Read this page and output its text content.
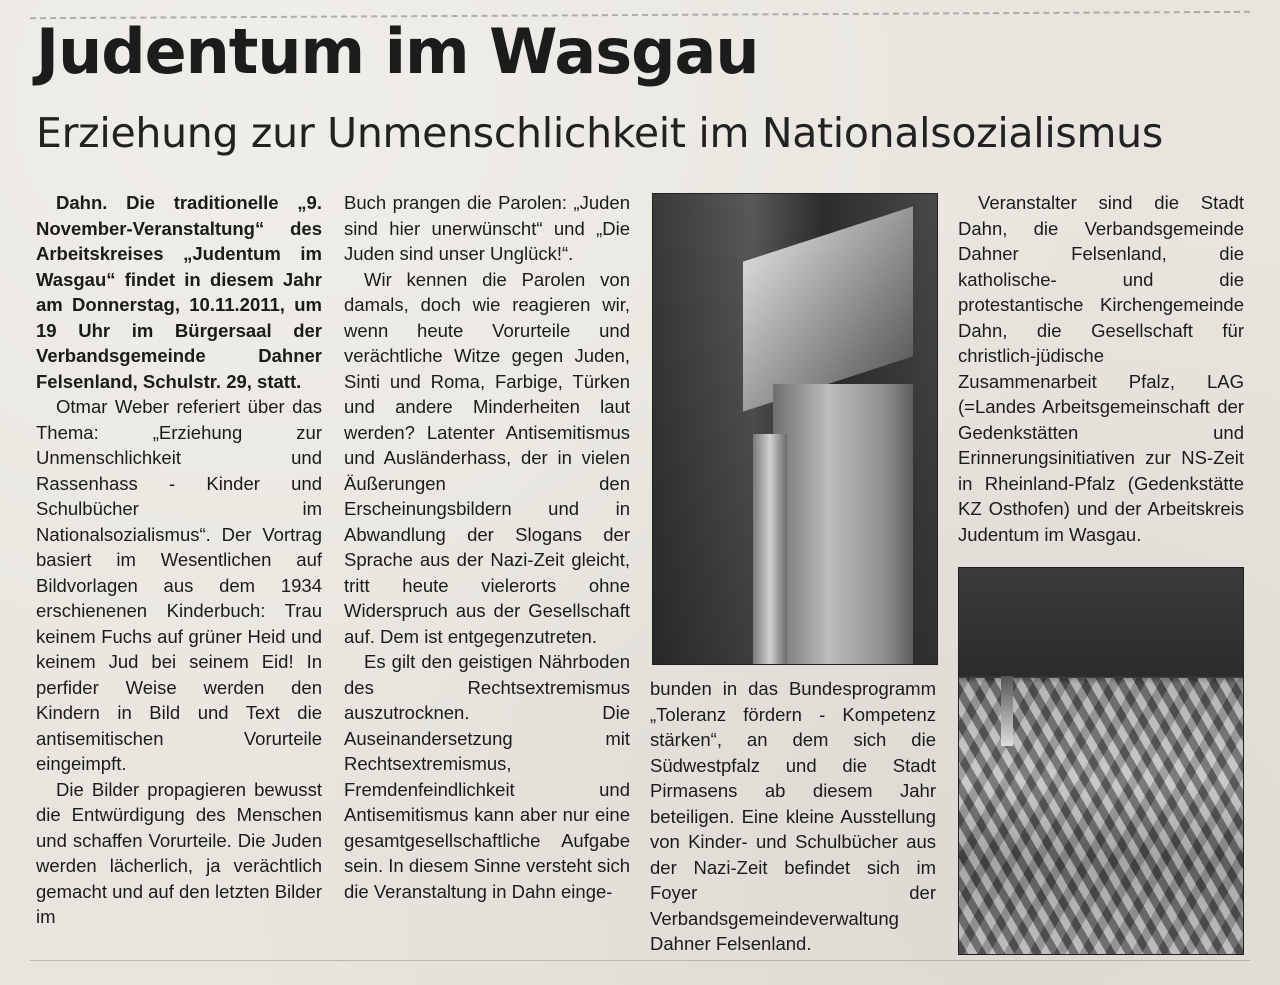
Judentum im Wasgau
Erziehung zur Unmenschlichkeit im Nationalsozialismus

Dahn. Die traditionelle „9. November-Veranstaltung“ des Arbeitskreises „Judentum im Wasgau“ findet in diesem Jahr am Donnerstag, 10.11.2011, um 19 Uhr im Bürgersaal der Verbandsgemeinde Dahner Felsenland, Schulstr. 29, statt.

Otmar Weber referiert über das Thema: „Erziehung zur Unmenschlichkeit und Rassenhass - Kinder und Schulbücher im Nationalsozialismus“. Der Vortrag basiert im Wesentlichen auf Bildvorlagen aus dem 1934 erschienenen Kinderbuch: Trau keinem Fuchs auf grüner Heid und keinem Jud bei seinem Eid! In perfider Weise werden den Kindern in Bild und Text die antisemitischen Vorurteile eingeimpft.

Die Bilder propagieren bewusst die Entwürdigung des Menschen und schaffen Vorurteile. Die Juden werden lächerlich, ja verächtlich gemacht und auf den letzten Bilder im

Buch prangen die Parolen: „Juden sind hier unerwünscht“ und „Die Juden sind unser Unglück!“.

Wir kennen die Parolen von damals, doch wie reagieren wir, wenn heute Vorurteile und verächtliche Witze gegen Juden, Sinti und Roma, Farbige, Türken und andere Minderheiten laut werden? Latenter Antisemitismus und Ausländerhass, der in vielen Äußerungen den Erscheinungsbildern und in Abwandlung der Slogans der Sprache aus der Nazi-Zeit gleicht, tritt heute vielerorts ohne Widerspruch aus der Gesellschaft auf. Dem ist entgegenzutreten.

Es gilt den geistigen Nährboden des Rechtsextremismus auszutrocknen. Die Auseinandersetzung mit Rechtsextremismus, Fremdenfeindlichkeit und Antisemitismus kann aber nur eine gesamtgesellschaftliche Aufgabe sein. In diesem Sinne versteht sich die Veranstaltung in Dahn einge-

bunden in das Bundesprogramm „Toleranz fördern - Kompetenz stärken“, an dem sich die Südwestpfalz und die Stadt Pirmasens ab diesem Jahr beteiligen. Eine kleine Ausstellung von Kinder- und Schulbücher aus der Nazi-Zeit befindet sich im Foyer der Verbandsgemeindeverwaltung Dahner Felsenland.

Veranstalter sind die Stadt Dahn, die Verbandsgemeinde Dahner Felsenland, die katholische- und die protestantische Kirchengemeinde Dahn, die Gesellschaft für christlich-jüdische Zusammenarbeit Pfalz, LAG (=Landes Arbeitsgemeinschaft der Gedenkstätten und Erinnerungsinitiativen zur NS-Zeit in Rheinland-Pfalz (Gedenkstätte KZ Osthofen) und der Arbeitskreis Judentum im Wasgau.
